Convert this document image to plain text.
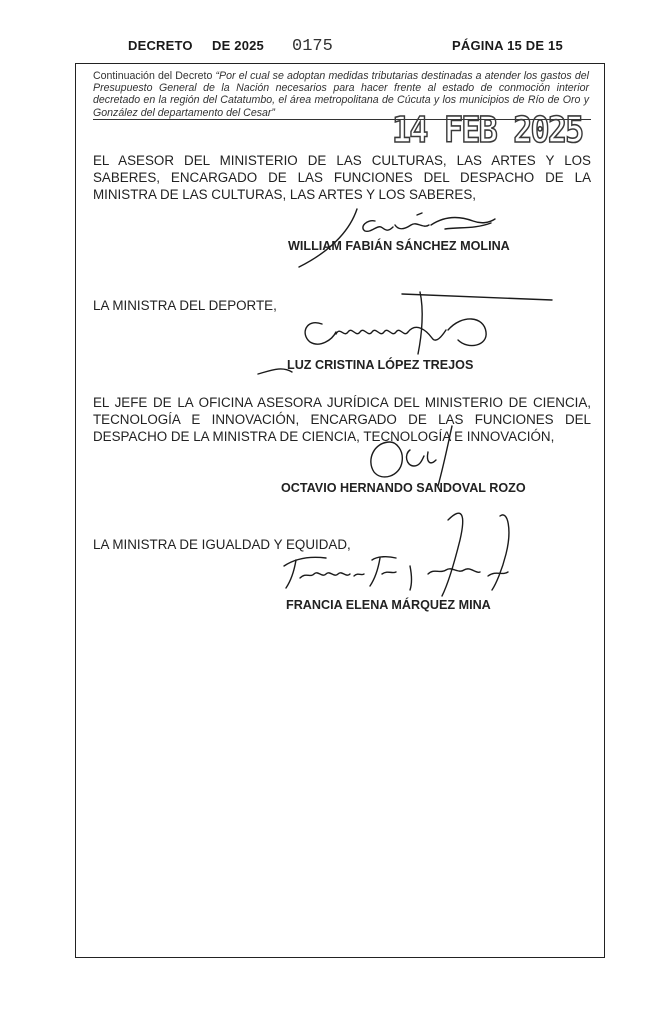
DECRETO DE 2025 0175	PÁGINA 15 DE 15
Continuación del Decreto “Por el cual se adoptan medidas tributarias destinadas a atender los gastos del Presupuesto General de la Nación necesarios para hacer frente al estado de conmoción interior decretado en la región del Catatumbo, el área metropolitana de Cúcuta y los municipios de Río de Oro y González del departamento del Cesar”	14 FEB 2025
EL ASESOR DEL MINISTERIO DE LAS CULTURAS, LAS ARTES Y LOS SABERES, ENCARGADO DE LAS FUNCIONES DEL DESPACHO DE LA MINISTRA DE LAS CULTURAS, LAS ARTES Y LOS SABERES,
WILLIAM FABIÁN SÁNCHEZ MOLINA
LA MINISTRA DEL DEPORTE,
LUZ CRISTINA LÓPEZ TREJOS
EL JEFE DE LA OFICINA ASESORA JURÍDICA DEL MINISTERIO DE CIENCIA, TECNOLOGÍA E INNOVACIÓN, ENCARGADO DE LAS FUNCIONES DEL DESPACHO DE LA MINISTRA DE CIENCIA, TECNOLOGÍA E INNOVACIÓN,
OCTAVIO HERNANDO SANDOVAL ROZO
LA MINISTRA DE IGUALDAD Y EQUIDAD,
FRANCIA ELENA MÁRQUEZ MINA
